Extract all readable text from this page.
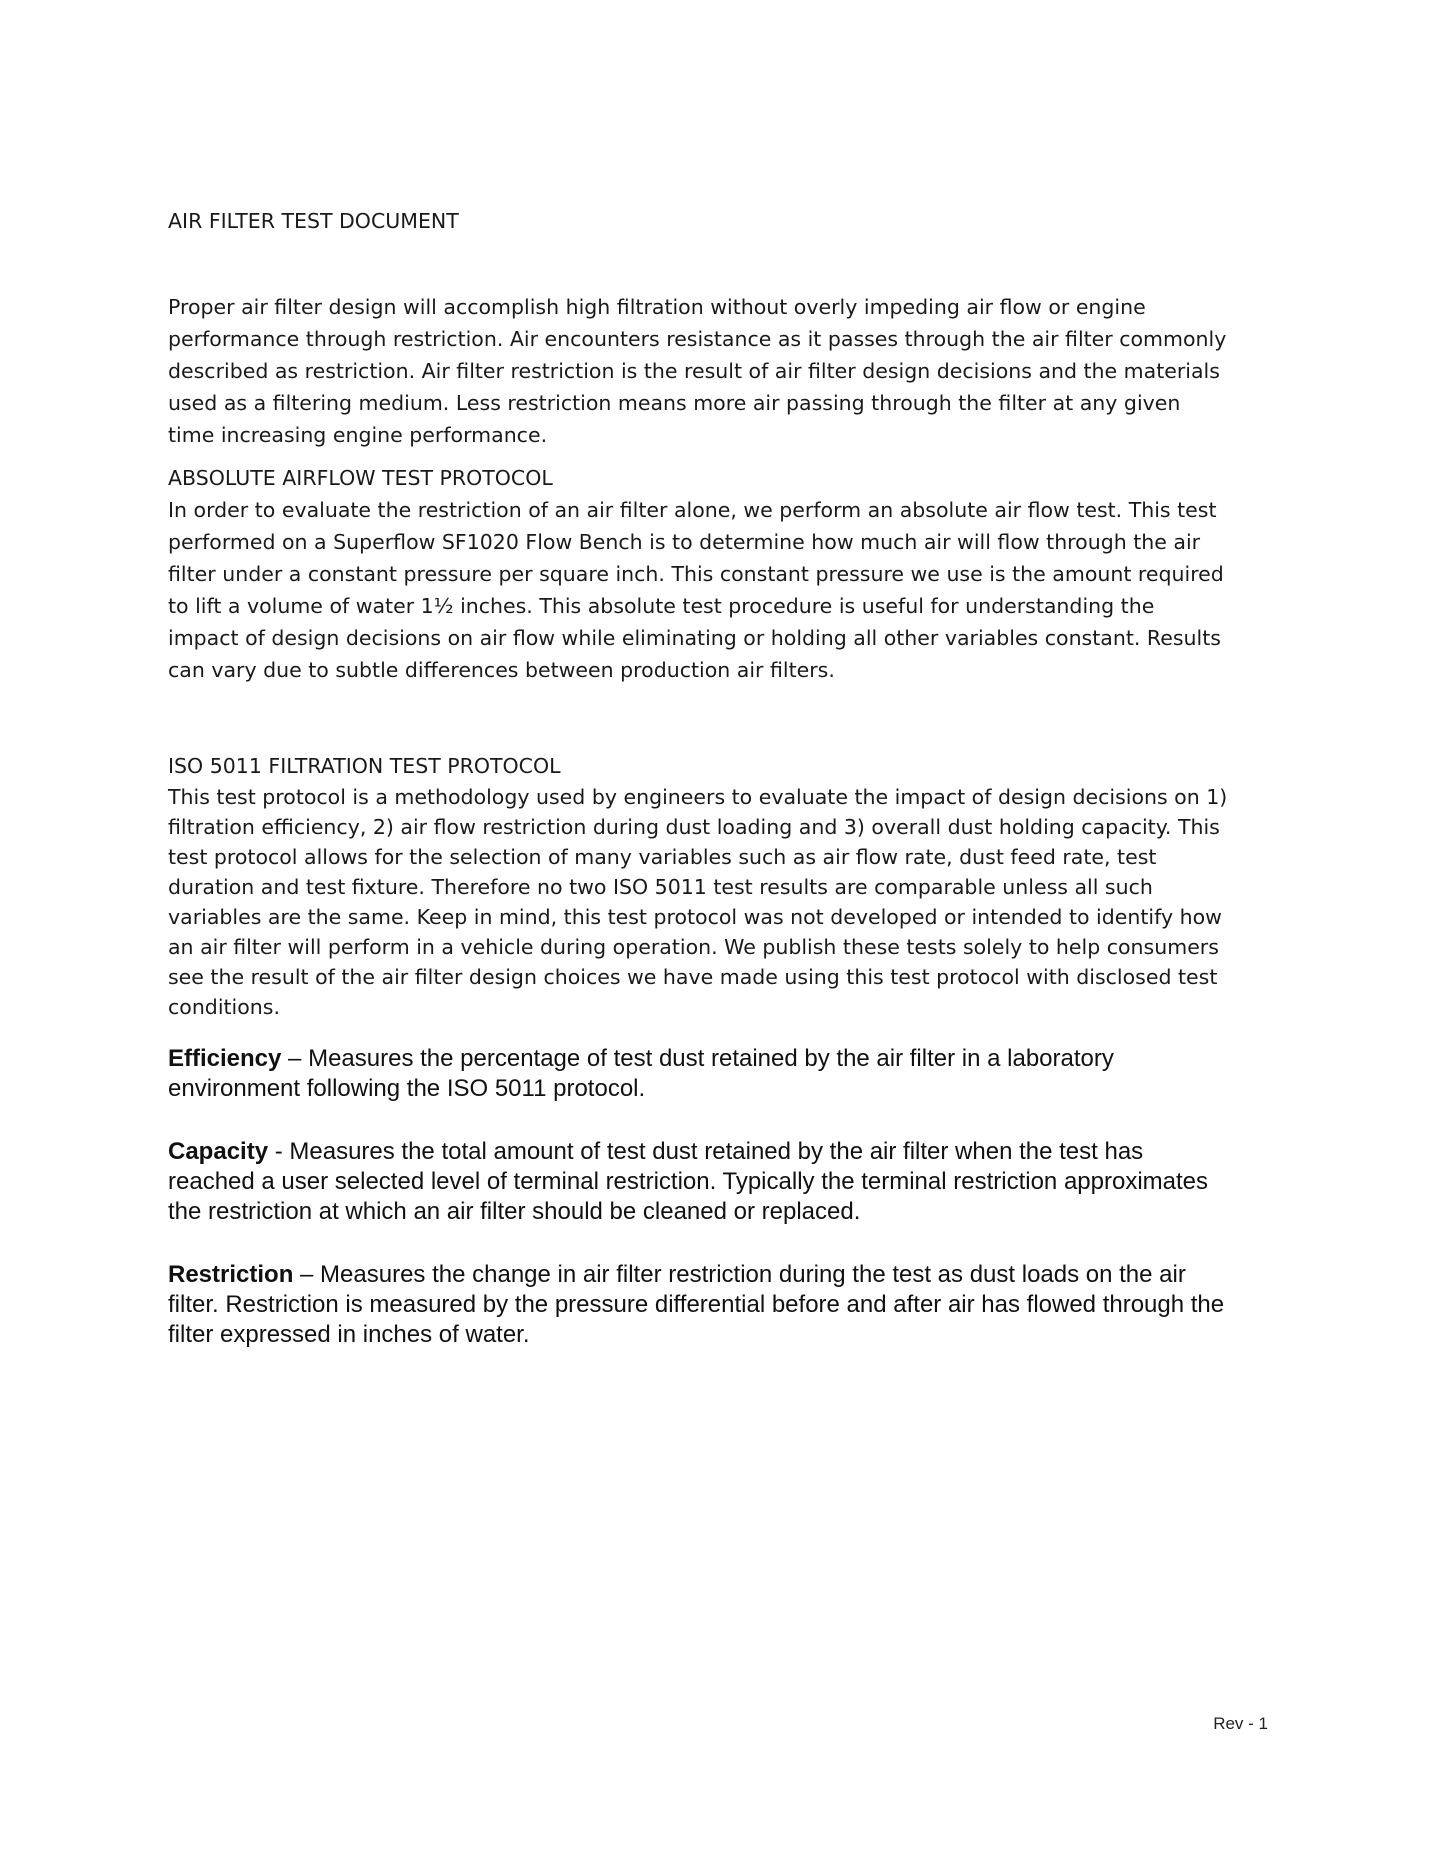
AIR FILTER TEST DOCUMENT

Proper air filter design will accomplish high filtration without overly impeding air flow or engine performance through restriction. Air encounters resistance as it passes through the air filter commonly described as restriction. Air filter restriction is the result of air filter design decisions and the materials used as a filtering medium. Less restriction means more air passing through the filter at any given time increasing engine performance.

ABSOLUTE AIRFLOW TEST PROTOCOL

In order to evaluate the restriction of an air filter alone, we perform an absolute air flow test. This test performed on a Superflow SF1020 Flow Bench is to determine how much air will flow through the air filter under a constant pressure per square inch. This constant pressure we use is the amount required to lift a volume of water 1½ inches. This absolute test procedure is useful for understanding the impact of design decisions on air flow while eliminating or holding all other variables constant. Results can vary due to subtle differences between production air filters.

ISO 5011 FILTRATION TEST PROTOCOL

This test protocol is a methodology used by engineers to evaluate the impact of design decisions on 1) filtration efficiency, 2) air flow restriction during dust loading and 3) overall dust holding capacity. This test protocol allows for the selection of many variables such as air flow rate, dust feed rate, test duration and test fixture. Therefore no two ISO 5011 test results are comparable unless all such variables are the same. Keep in mind, this test protocol was not developed or intended to identify how an air filter will perform in a vehicle during operation. We publish these tests solely to help consumers see the result of the air filter design choices we have made using this test protocol with disclosed test conditions.

Efficiency – Measures the percentage of test dust retained by the air filter in a laboratory environment following the ISO 5011 protocol.

Capacity - Measures the total amount of test dust retained by the air filter when the test has reached a user selected level of terminal restriction. Typically the terminal restriction approximates the restriction at which an air filter should be cleaned or replaced.

Restriction – Measures the change in air filter restriction during the test as dust loads on the air filter. Restriction is measured by the pressure differential before and after air has flowed through the filter expressed in inches of water.

Rev - 1
